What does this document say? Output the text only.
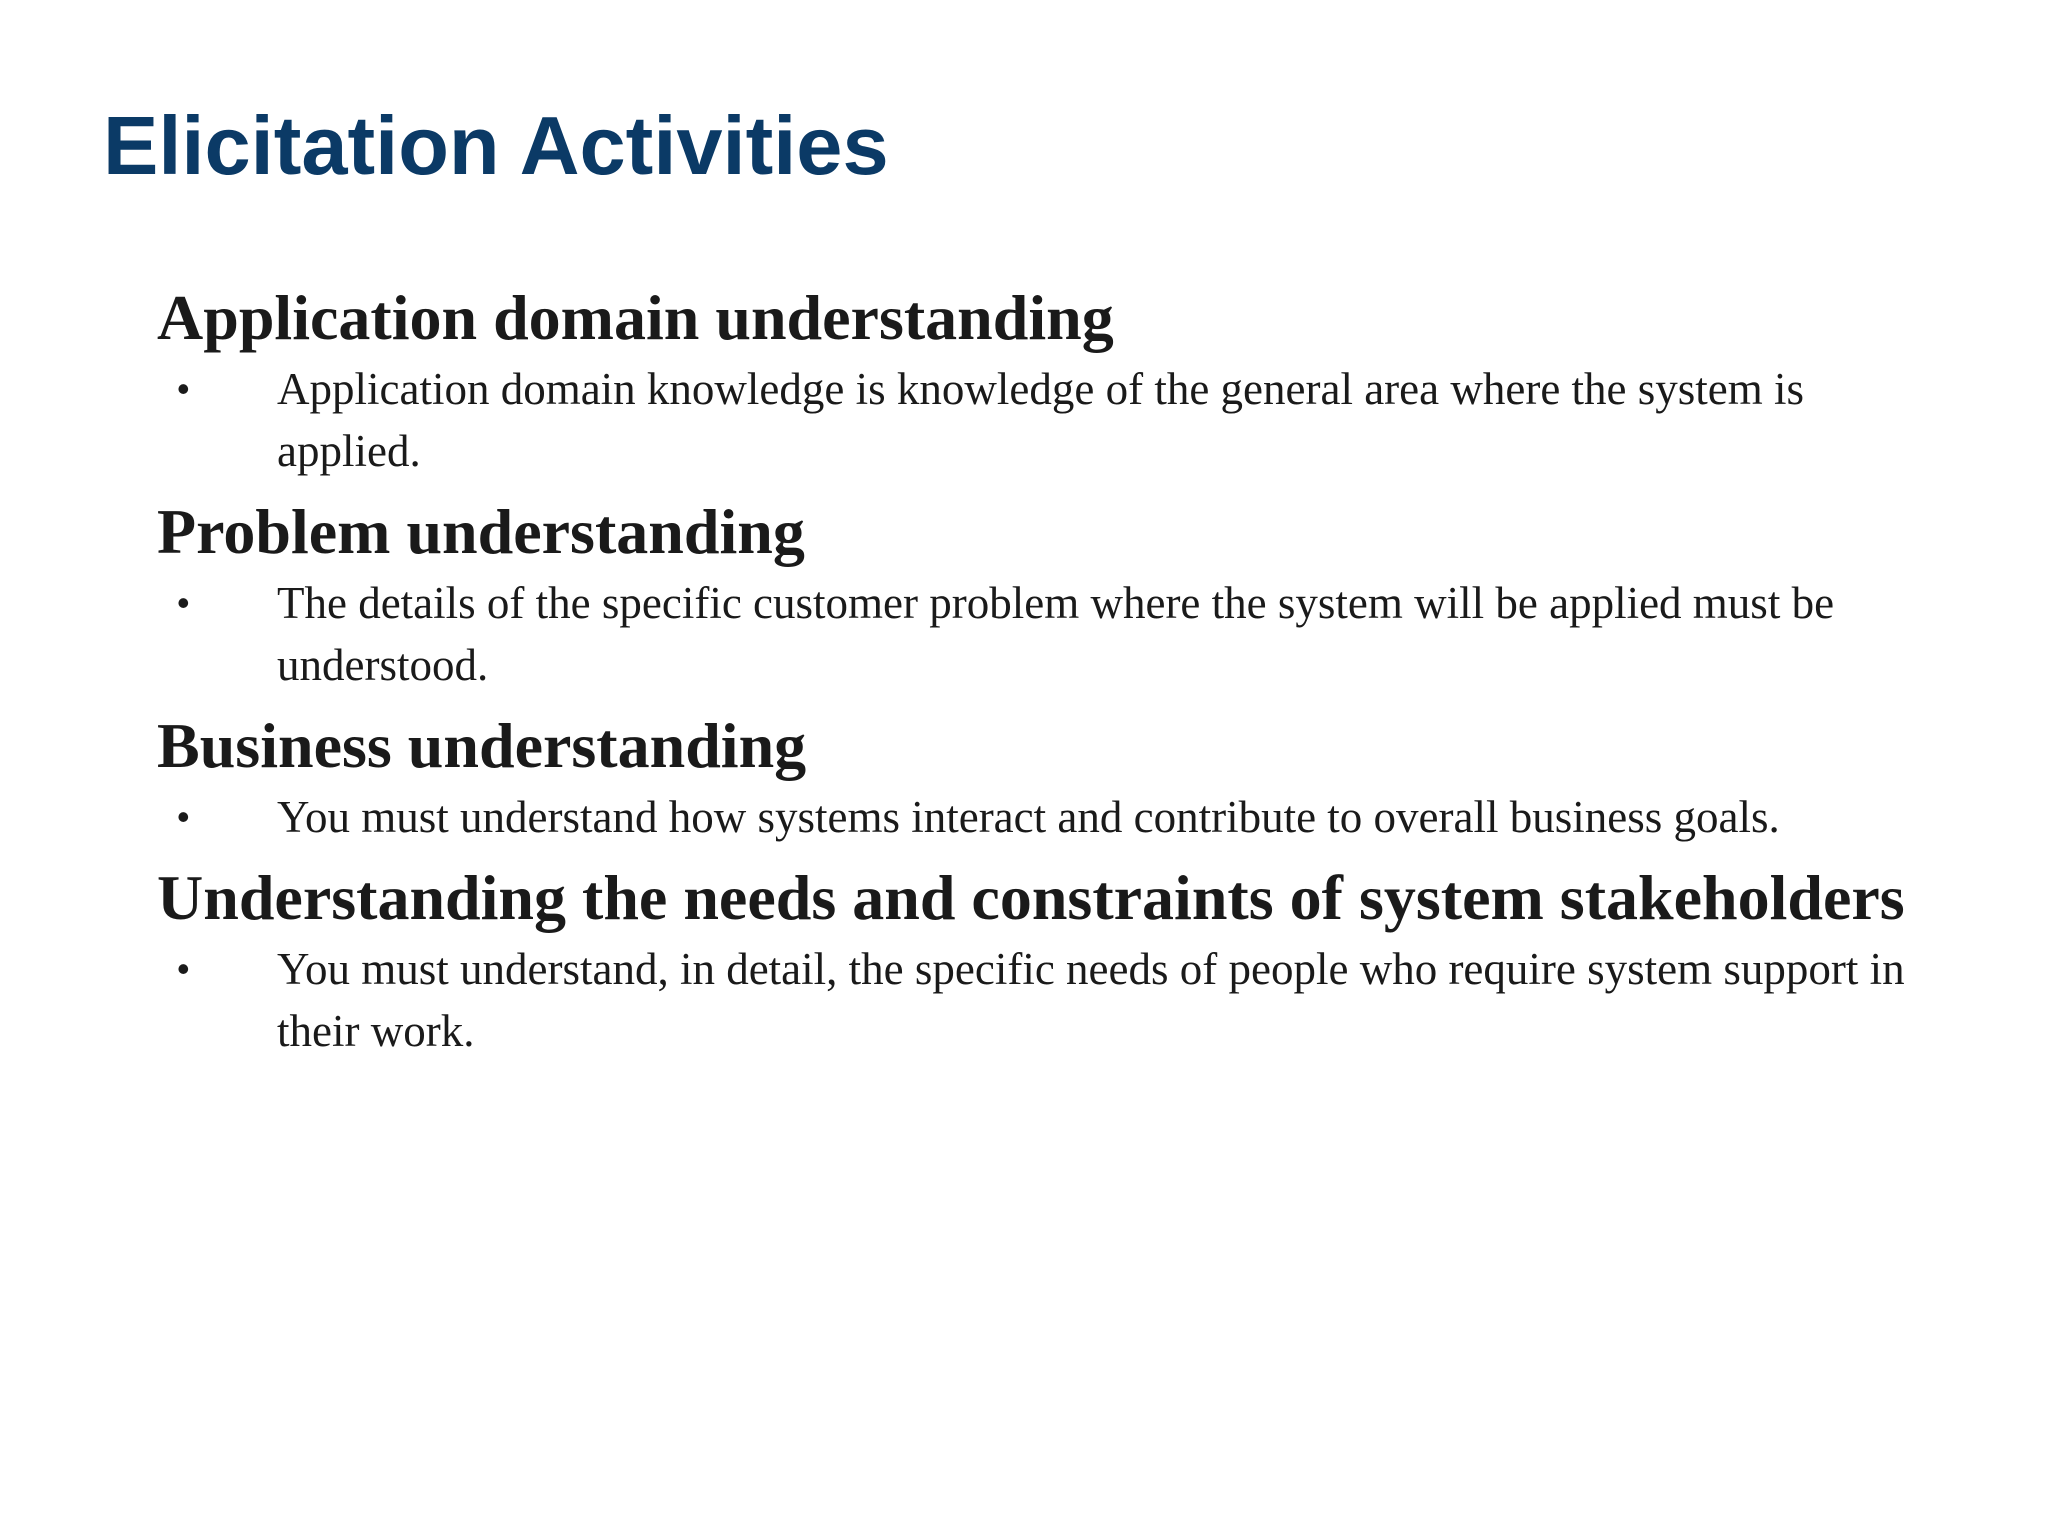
Elicitation Activities
Application domain understanding
• Application domain knowledge is knowledge of the general area where the system is applied.
Problem understanding
• The details of the specific customer problem where the system will be applied must be understood.
Business understanding
• You must understand how systems interact and contribute to overall business goals.
Understanding the needs and constraints of system stakeholders
• You must understand, in detail, the specific needs of people who require system support in their work.
